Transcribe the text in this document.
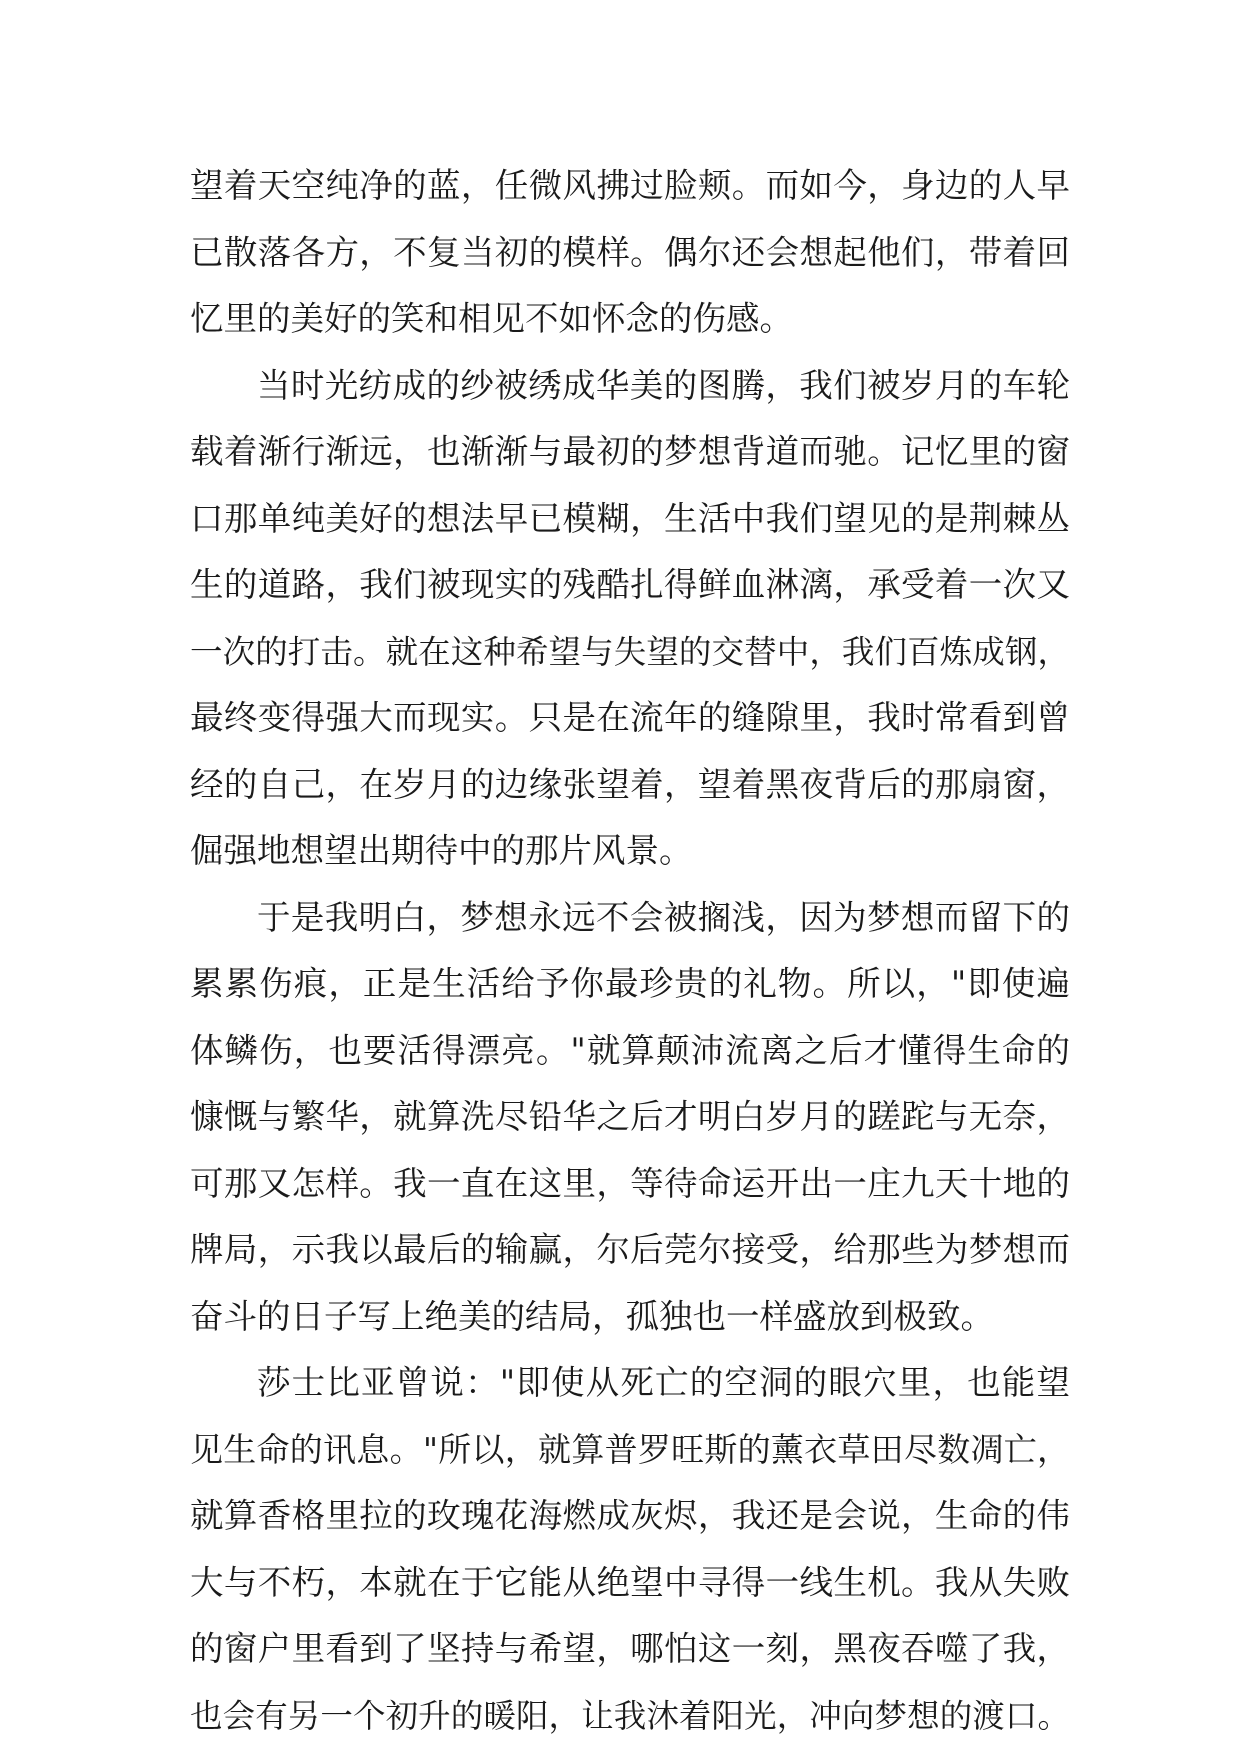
望着天空纯净的蓝，任微风拂过脸颊。而如今，身边的人早
已散落各方，不复当初的模样。偶尔还会想起他们，带着回
忆里的美好的笑和相见不如怀念的伤感。
当时光纺成的纱被绣成华美的图腾，我们被岁月的车轮
载着渐行渐远，也渐渐与最初的梦想背道而驰。记忆里的窗
口那单纯美好的想法早已模糊，生活中我们望见的是荆棘丛
生的道路，我们被现实的残酷扎得鲜血淋漓，承受着一次又
一次的打击。就在这种希望与失望的交替中，我们百炼成钢，
最终变得强大而现实。只是在流年的缝隙里，我时常看到曾
经的自己，在岁月的边缘张望着，望着黑夜背后的那扇窗，
倔强地想望出期待中的那片风景。
于是我明白，梦想永远不会被搁浅，因为梦想而留下的
累累伤痕，正是生活给予你最珍贵的礼物。所以，"即使遍
体鳞伤，也要活得漂亮。"就算颠沛流离之后才懂得生命的
慷慨与繁华，就算洗尽铅华之后才明白岁月的蹉跎与无奈，
可那又怎样。我一直在这里，等待命运开出一庄九天十地的
牌局，示我以最后的输赢，尔后莞尔接受，给那些为梦想而
奋斗的日子写上绝美的结局，孤独也一样盛放到极致。
莎士比亚曾说："即使从死亡的空洞的眼穴里，也能望
见生命的讯息。"所以，就算普罗旺斯的薰衣草田尽数凋亡，
就算香格里拉的玫瑰花海燃成灰烬，我还是会说，生命的伟
大与不朽，本就在于它能从绝望中寻得一线生机。我从失败
的窗户里看到了坚持与希望，哪怕这一刻，黑夜吞噬了我，
也会有另一个初升的暖阳，让我沐着阳光，冲向梦想的渡口。
